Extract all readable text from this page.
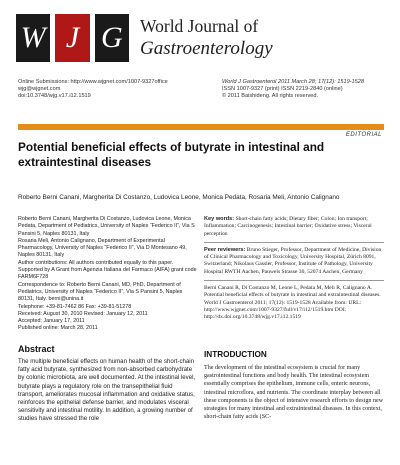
W J G World Journal of
Gastroenterology
Online Submissions: http://www.wjgnet.com/1007-9327office
wjg@wjgnet.com
doi:10.3748/wjg.v17.i12.1519
World J Gastroenterol 2011 March 28; 17(12): 1519-1528
ISSN 1007-9327 (print) ISSN 2219-2840 (online)
© 2011 Baishideng. All rights reserved.
EDITORIAL
Potential beneficial effects of butyrate in intestinal and extraintestinal diseases
Roberto Berni Canani, Margherita Di Costanzo, Ludovica Leone, Monica Pedata, Rosaria Meli, Antonio Calignano

Roberto Berni Canani, Margherita Di Costanzo, Ludovica Leone, Monica Pedata, Department of Pediatrics, University of Naples “Federico II”, Via S Pansini 5, Naples 80131, Italy

Rosaria Meli, Antonio Calignano, Department of Experimental Pharmacology, University of Naples “Federico II”, Via D Montesano 49, Naples 80131, Italy

Author contributions: All authors contributed equally to this paper.

Supported by A Grant from Agenzia Italiana del Farmaco (AIFA) grant code FARM6F728

Correspondence to: Roberto Berni Canani, MD, PhD, Department of Pediatrics, University of Naples “Federico II”, Via S Pansini 5, Naples 80131, Italy. berni@unina.it

Telephone: +39-81-7462 86 Fax: +39-81-51278

Received: August 30, 2010 Revised: January 12, 2011

Accepted: January 17, 2011

Published online: March 28, 2011

Key words: Short-chain fatty acids; Dietary fiber; Colon; Ion transport; Inflammation; Carcinogenesis; Intestinal barrier; Oxidative stress; Visceral perception
Peer reviewers: Bruno Stieger, Professor, Department of Medicine, Division of Clinical Pharmacology and Toxicology, University Hospital, Zürich 8091, Switzerland; Nikolaus Gassler, Professor, Institute of Pathology, University Hospital RWTH Aachen, Pauwels Strasse 30, 52074 Aachen, Germany
Berni Canani R, Di Costanzo M, Leone L, Pedata M, Meli R, Calignano A. Potential beneficial effects of butyrate in intestinal and extraintestinal diseases. World J Gastroenterol 2011; 17(12): 1519-1528 Available from: URL: http://www.wjgnet.com/1007-9327/full/v17/i12/1519.htm DOI: http://dx.doi.org/10.3748/wjg.v17.i12.1519
Abstract
The multiple beneficial effects on human health of the short-chain fatty acid butyrate, synthesized from non-absorbed carbohydrate by colonic microbiota, are well documented. At the intestinal level, butyrate plays a regulatory role on the transepithelial fluid transport, ameliorates mucosal inflammation and oxidative status, reinforces the epithelial defense barrier, and modulates visceral sensitivity and intestinal motility. In addition, a growing number of studies have stressed the role
INTRODUCTION
The development of the intestinal ecosystem is crucial for many gastrointestinal functions and body health. The intestinal ecosystem essentially comprises the epithelium, immune cells, enteric neurons, intestinal microflora, and nutrients. The coordinate interplay between all these components is the object of intensive research efforts to design new strategies for many intestinal and extraintestinal diseases. In this context, short-chain fatty acids (SC-
